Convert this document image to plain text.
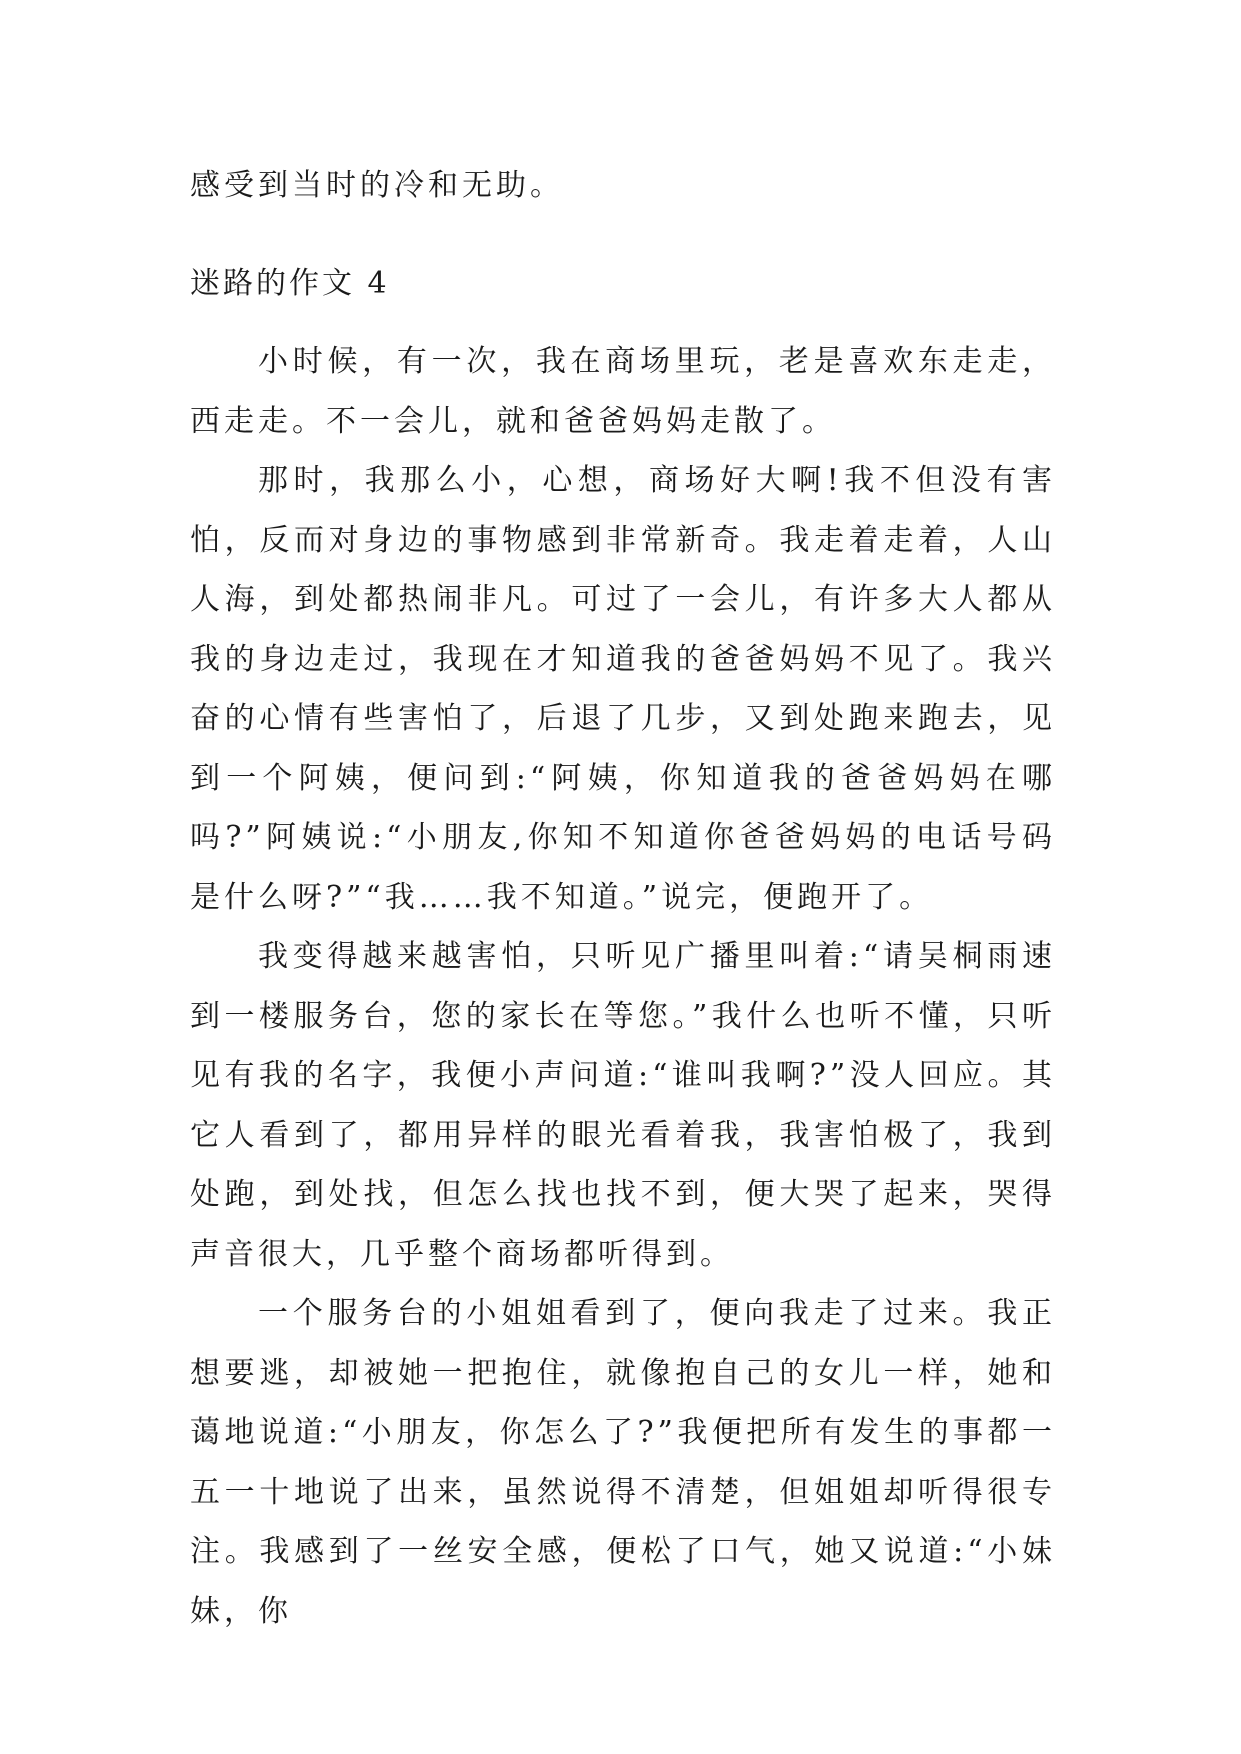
感受到当时的冷和无助。

迷路的作文 4

小时候，有一次，我在商场里玩，老是喜欢东走走，西走走。不一会儿，就和爸爸妈妈走散了。

那时，我那么小，心想，商场好大啊!我不但没有害怕，反而对身边的事物感到非常新奇。我走着走着，人山人海，到处都热闹非凡。可过了一会儿，有许多大人都从我的身边走过，我现在才知道我的爸爸妈妈不见了。我兴奋的心情有些害怕了，后退了几步，又到处跑来跑去，见到一个阿姨，便问到:“阿姨，你知道我的爸爸妈妈在哪吗?”阿姨说:“小朋友,你知不知道你爸爸妈妈的电话号码是什么呀?”“我……我不知道。”说完，便跑开了。

我变得越来越害怕，只听见广播里叫着:“请吴桐雨速到一楼服务台，您的家长在等您。”我什么也听不懂，只听见有我的名字，我便小声问道:“谁叫我啊?”没人回应。其它人看到了，都用异样的眼光看着我，我害怕极了，我到处跑，到处找，但怎么找也找不到，便大哭了起来，哭得声音很大，几乎整个商场都听得到。

一个服务台的小姐姐看到了，便向我走了过来。我正想要逃，却被她一把抱住，就像抱自己的女儿一样，她和蔼地说道:“小朋友，你怎么了?”我便把所有发生的事都一五一十地说了出来，虽然说得不清楚，但姐姐却听得很专注。我感到了一丝安全感，便松了口气，她又说道:“小妹妹，你
